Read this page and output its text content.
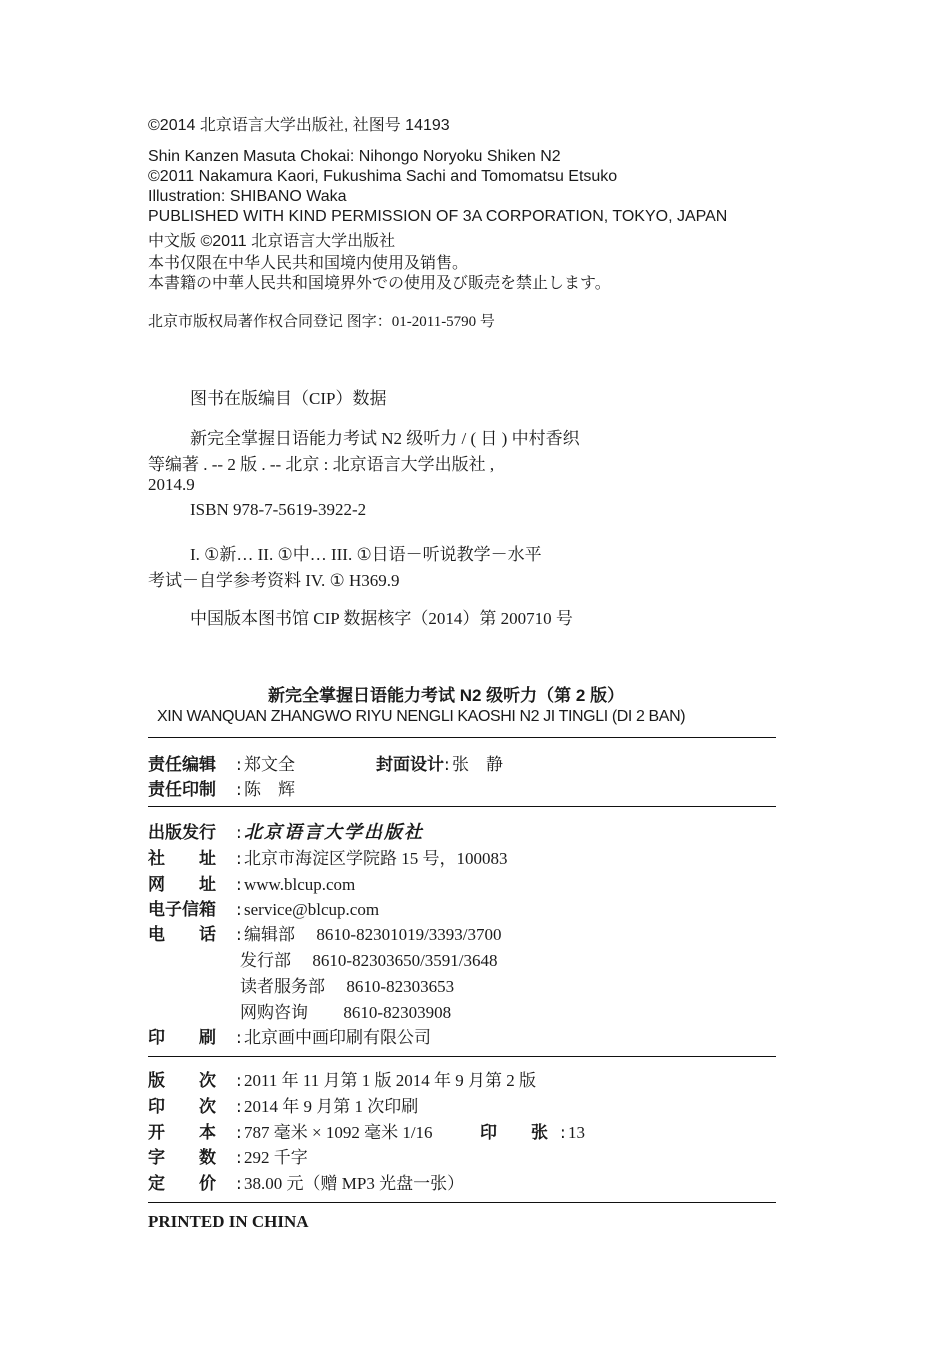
©2014 北京语言大学出版社, 社图号 14193
Shin Kanzen Masuta Chokai: Nihongo Noryoku Shiken N2
©2011 Nakamura Kaori, Fukushima Sachi and Tomomatsu Etsuko
Illustration: SHIBANO Waka
PUBLISHED WITH KIND PERMISSION OF 3A CORPORATION, TOKYO, JAPAN
中文版 ©2011 北京语言大学出版社
本书仅限在中华人民共和国境内使用及销售。
本書籍の中華人民共和国境界外での使用及び販売を禁止します。
北京市版权局著作权合同登记 图字：01-2011-5790 号
图书在版编目（CIP）数据
新完全掌握日语能力考试 N2 级听力 / ( 日 ) 中村香织
等编著 . -- 2 版 . -- 北京 : 北京语言大学出版社 ,
2014.9
ISBN 978-7-5619-3922-2
I. ①新… II. ①中… III. ①日语－听说教学－水平
考试－自学参考资料 IV. ① H369.9
中国版本图书馆 CIP 数据核字（2014）第 200710 号
新完全掌握日语能力考试 N2 级听力（第 2 版）
XIN WANQUAN ZHANGWO RIYU NENGLI KAOSHI N2 JI TINGLI (DI 2 BAN)
责任编辑 : 郑文全	封面设计: 张　静
责任印制 : 陈　辉
出版发行 : 北京语言大学出版社
社　　址 : 北京市海淀区学院路 15 号，100083
网　　址 : www.blcup.com
电子信箱 : service@blcup.com
电　　话 : 编辑部 8610-82301019/3393/3700
发行部 8610-82303650/3591/3648
读者服务部 8610-82303653
网购咨询 8610-82303908
印　　刷 : 北京画中画印刷有限公司
版　　次 : 2011 年 11 月第 1 版 2014 年 9 月第 2 版
印　　次 : 2014 年 9 月第 1 次印刷
开　　本 : 787 毫米 × 1092 毫米 1/16	印　　张 : 13
字　　数 : 292 千字
定　　价 : 38.00 元（赠 MP3 光盘一张）
PRINTED IN CHINA
